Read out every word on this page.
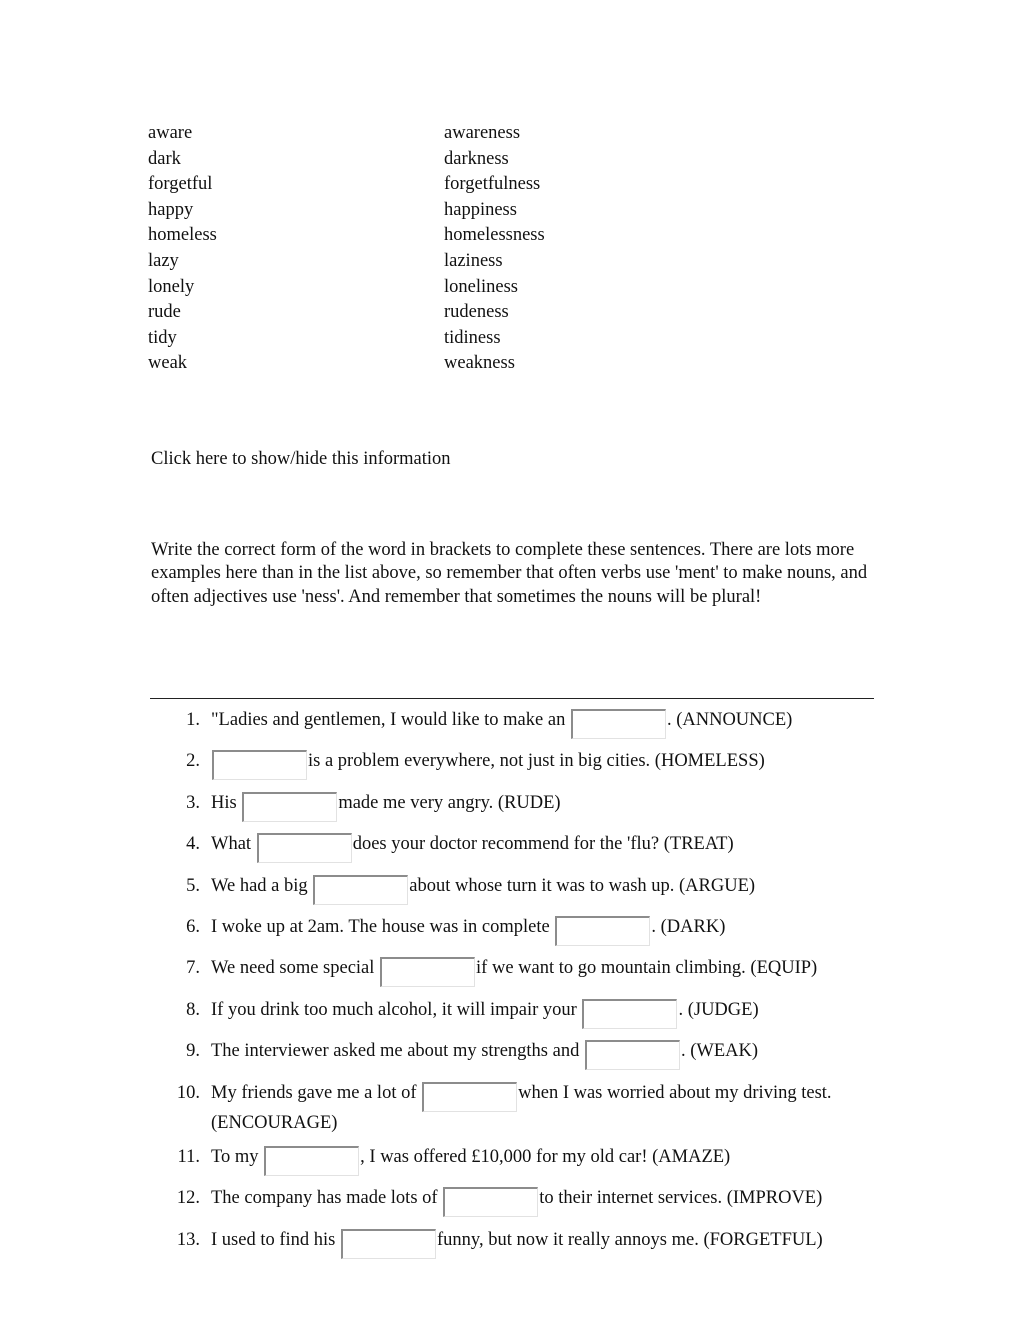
aware	awareness
dark	darkness
forgetful	forgetfulness
happy	happiness
homeless	homelessness
lazy	laziness
lonely	loneliness
rude	rudeness
tidy	tidiness
weak	weakness
Click here to show/hide this information

Write the correct form of the word in brackets to complete these sentences. There are lots more examples here than in the list above, so remember that often verbs use 'ment' to make nouns, and often adjectives use 'ness'. And remember that sometimes the nouns will be plural!

1. "Ladies and gentlemen, I would like to make an	. (ANNOUNCE)
2.	is a problem everywhere, not just in big cities. (HOMELESS)
3. His	made me very angry. (RUDE)
4. What	does your doctor recommend for the 'flu? (TREAT)
5. We had a big	about whose turn it was to wash up. (ARGUE)
6. I woke up at 2am. The house was in complete	. (DARK)
7. We need some special	if we want to go mountain climbing. (EQUIP)
8. If you drink too much alcohol, it will impair your	. (JUDGE)
9. The interviewer asked me about my strengths and	. (WEAK)
10. My friends gave me a lot of	when I was worried about my driving test. (ENCOURAGE)
11. To my	, I was offered £10,000 for my old car! (AMAZE)
12. The company has made lots of	to their internet services. (IMPROVE)
13. I used to find his	funny, but now it really annoys me. (FORGETFUL)
